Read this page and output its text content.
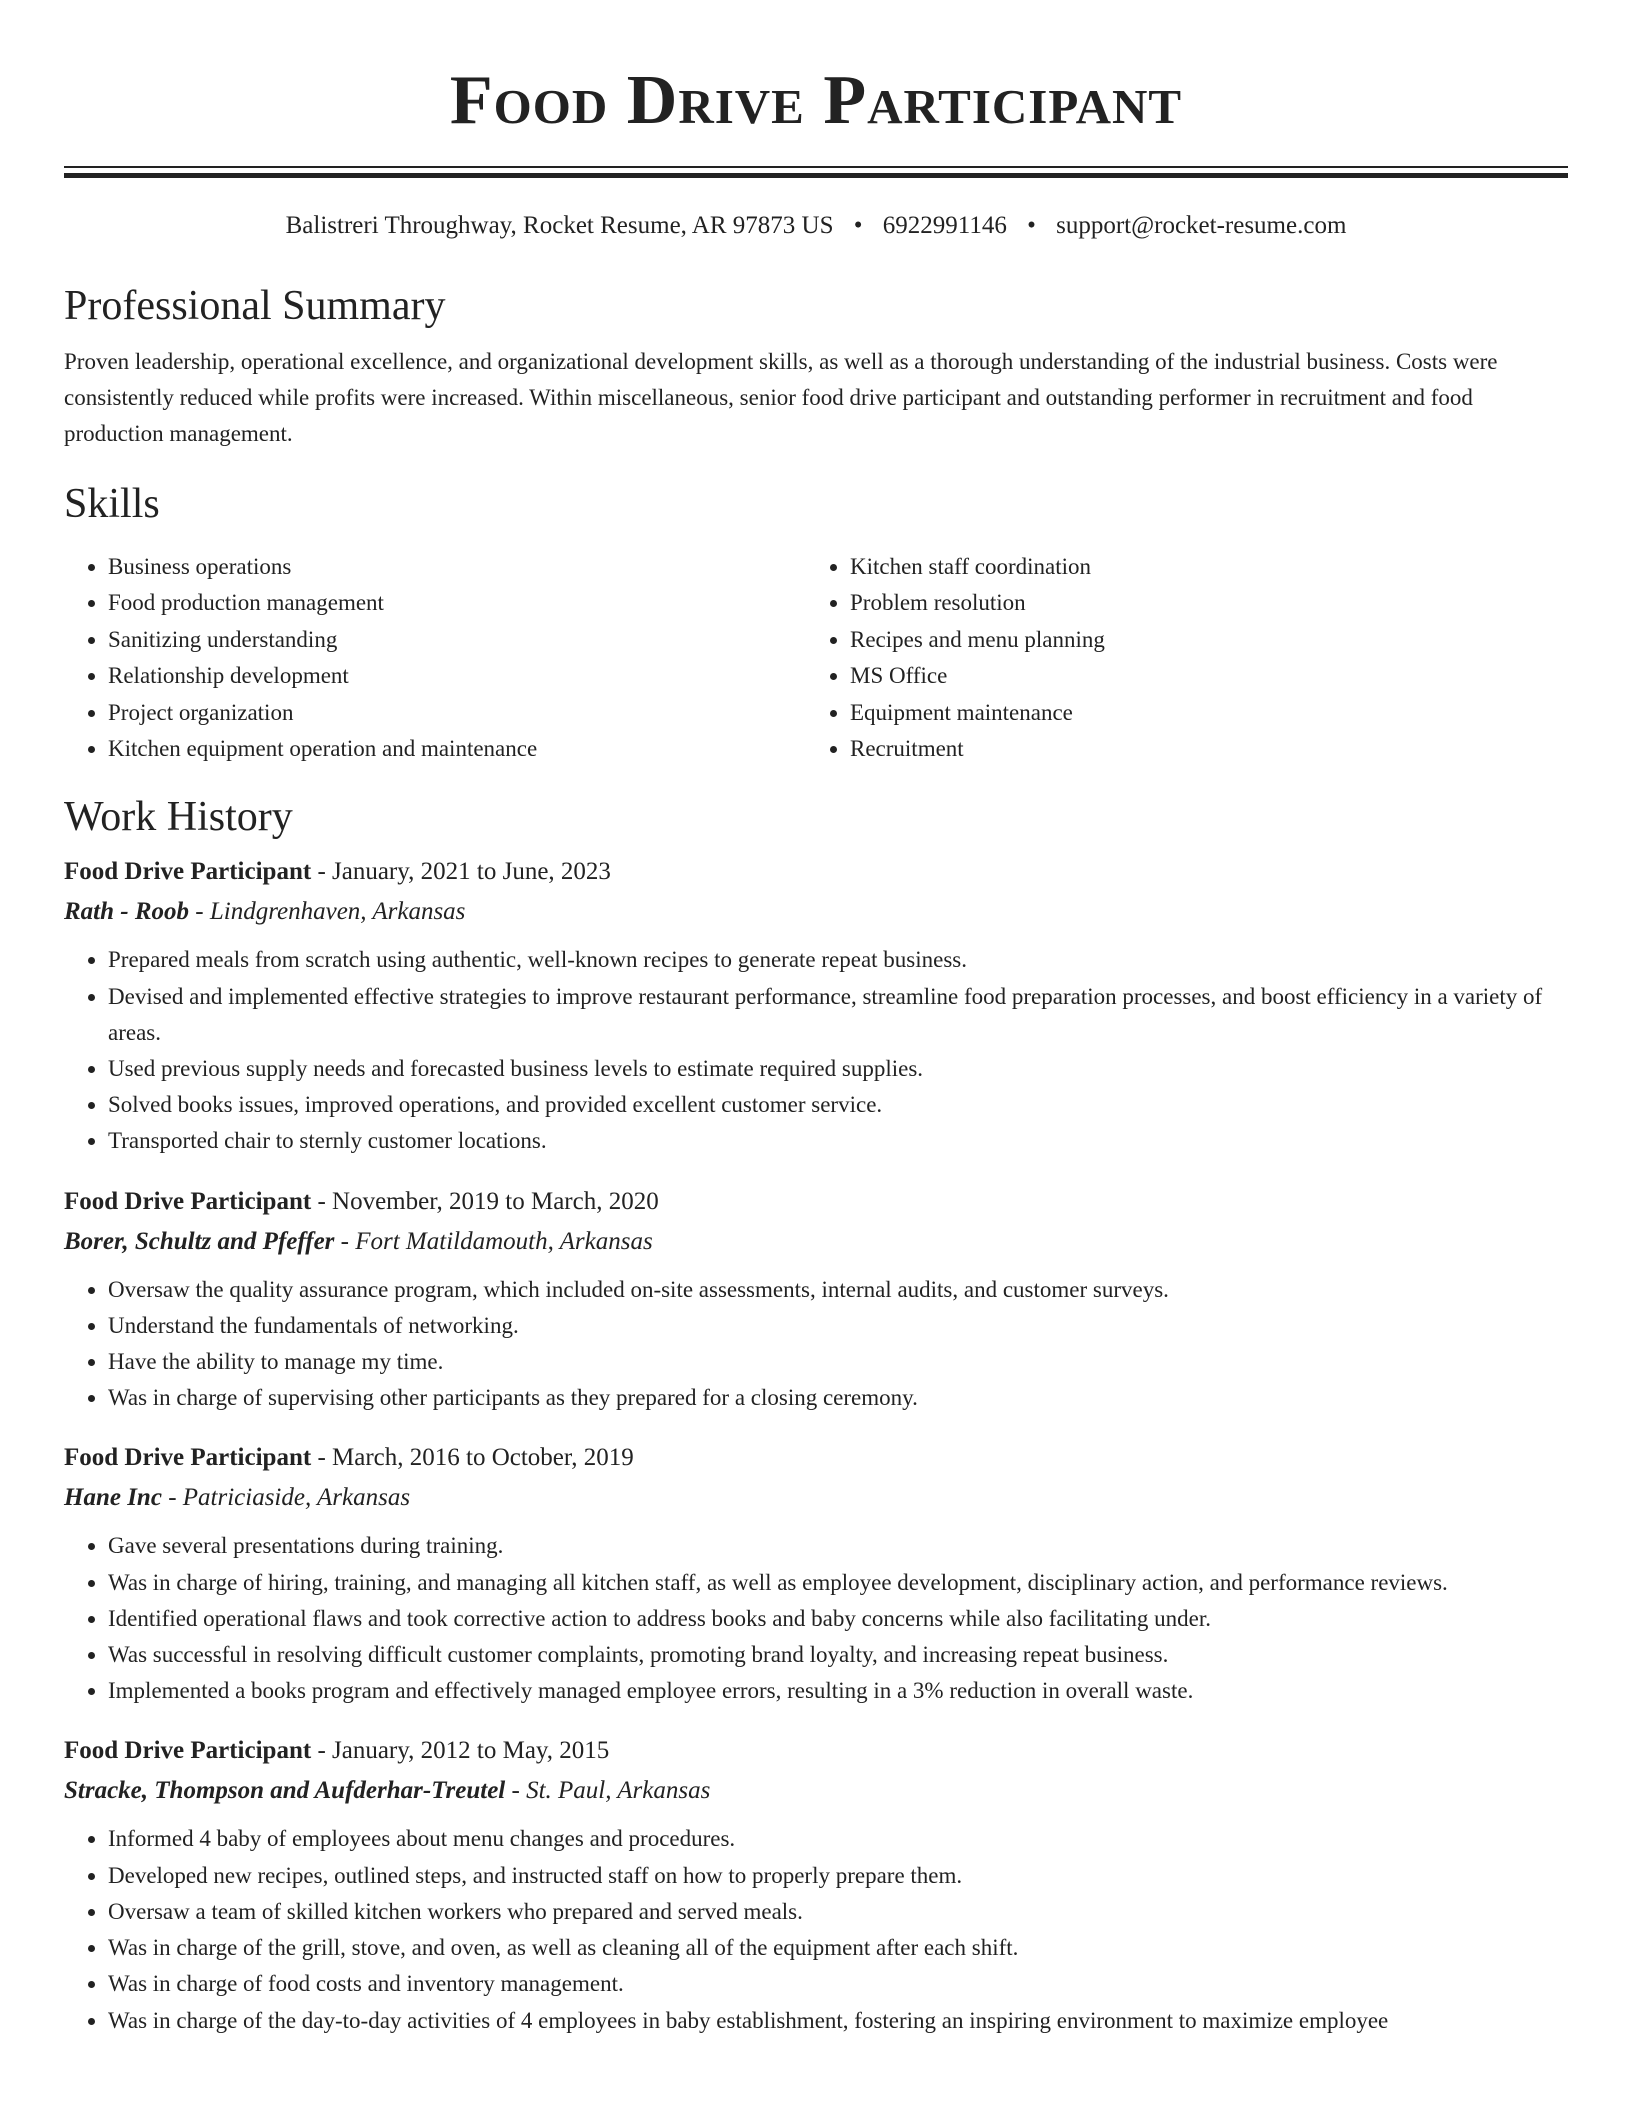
Food Drive Participant
Balistreri Throughway, Rocket Resume, AR 97873 US • 6922991146 • support@rocket-resume.com
Professional Summary

Proven leadership, operational excellence, and organizational development skills, as well as a thorough understanding of the industrial business. Costs were consistently reduced while profits were increased. Within miscellaneous, senior food drive participant and outstanding performer in recruitment and food production management.

Skills
• Business operations
• Food production management
• Sanitizing understanding
• Relationship development
• Project organization
• Kitchen equipment operation and maintenance
• Kitchen staff coordination
• Problem resolution
• Recipes and menu planning
• MS Office
• Equipment maintenance
• Recruitment
Work History

Food Drive Participant - January, 2021 to June, 2023

Rath - Roob - Lindgrenhaven, Arkansas

• Prepared meals from scratch using authentic, well-known recipes to generate repeat business.
• Devised and implemented effective strategies to improve restaurant performance, streamline food preparation processes, and boost efficiency in a variety of areas.
• Used previous supply needs and forecasted business levels to estimate required supplies.
• Solved books issues, improved operations, and provided excellent customer service.
• Transported chair to sternly customer locations.

Food Drive Participant - November, 2019 to March, 2020

Borer, Schultz and Pfeffer - Fort Matildamouth, Arkansas

• Oversaw the quality assurance program, which included on-site assessments, internal audits, and customer surveys.
• Understand the fundamentals of networking.
• Have the ability to manage my time.
• Was in charge of supervising other participants as they prepared for a closing ceremony.

Food Drive Participant - March, 2016 to October, 2019

Hane Inc - Patriciaside, Arkansas

• Gave several presentations during training.
• Was in charge of hiring, training, and managing all kitchen staff, as well as employee development, disciplinary action, and performance reviews.
• Identified operational flaws and took corrective action to address books and baby concerns while also facilitating under.
• Was successful in resolving difficult customer complaints, promoting brand loyalty, and increasing repeat business.
• Implemented a books program and effectively managed employee errors, resulting in a 3% reduction in overall waste.

Food Drive Participant - January, 2012 to May, 2015

Stracke, Thompson and Aufderhar-Treutel - St. Paul, Arkansas

• Informed 4 baby of employees about menu changes and procedures.
• Developed new recipes, outlined steps, and instructed staff on how to properly prepare them.
• Oversaw a team of skilled kitchen workers who prepared and served meals.
• Was in charge of the grill, stove, and oven, as well as cleaning all of the equipment after each shift.
• Was in charge of food costs and inventory management.
• Was in charge of the day-to-day activities of 4 employees in baby establishment, fostering an inspiring environment to maximize employee
